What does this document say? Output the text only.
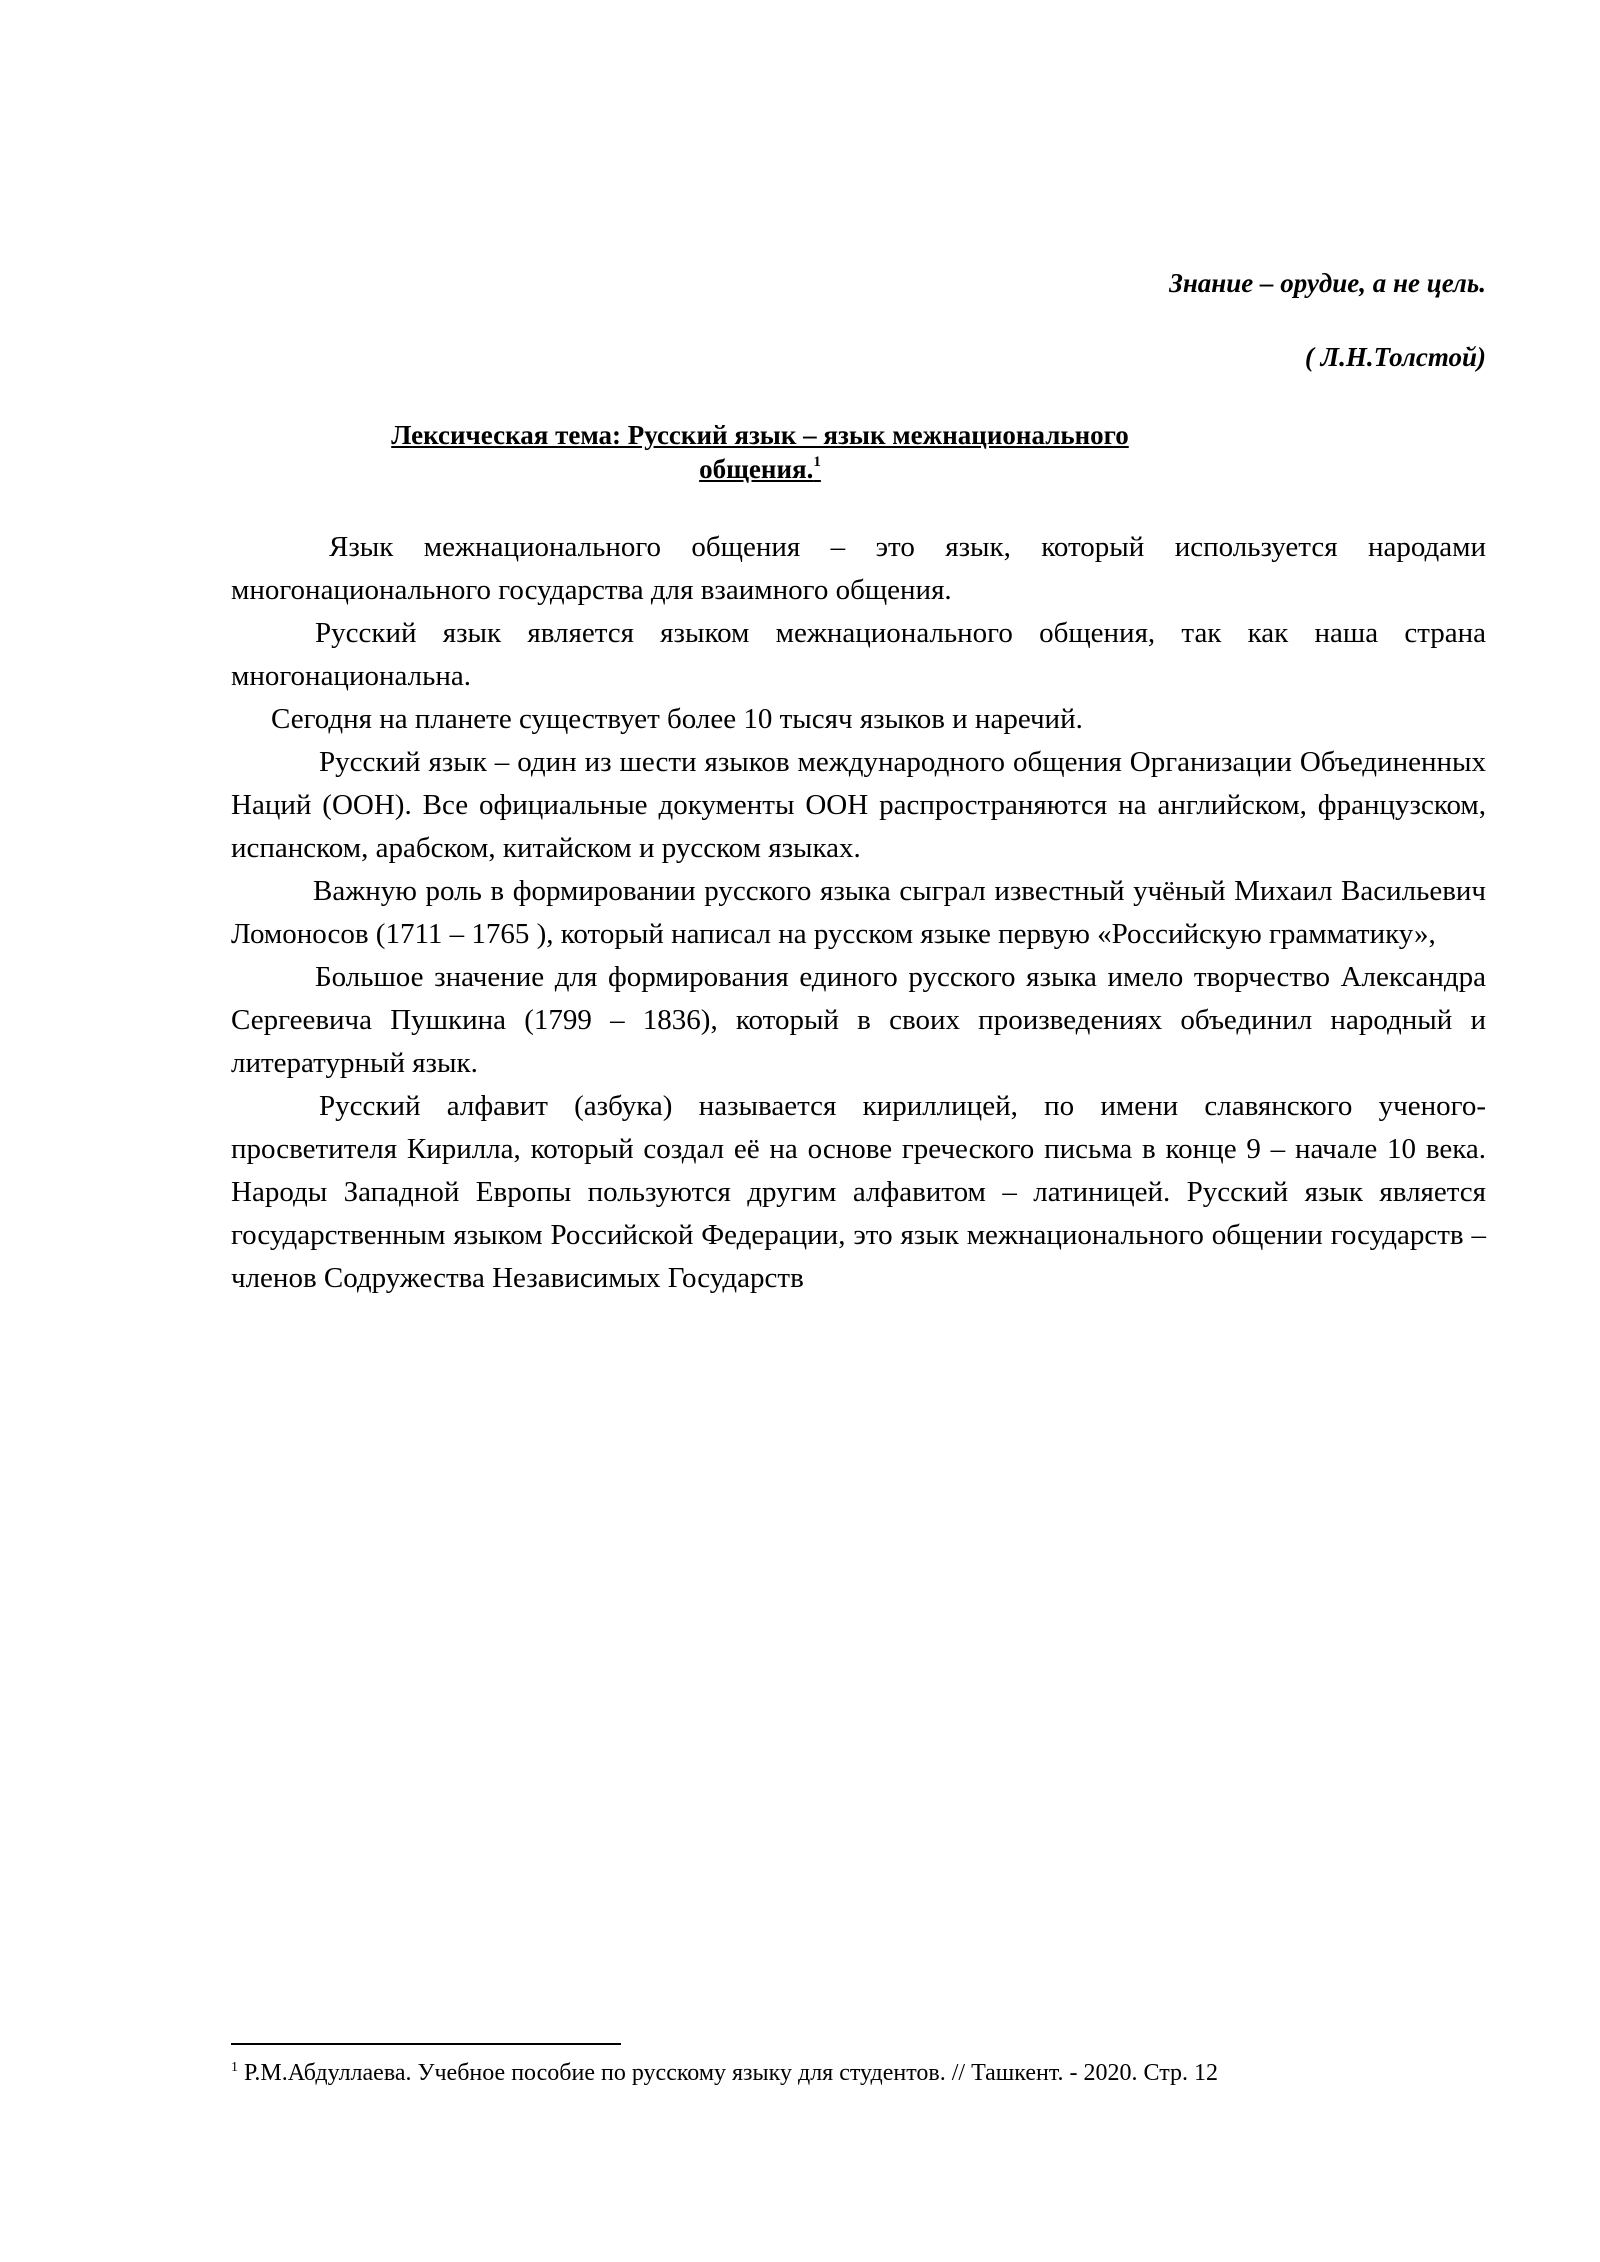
Знание – орудие, а не цель.
( Л.Н.Толстой)
Лексическая тема: Русский язык – язык межнационального
общения.$^1$

Язык межнационального общения – это язык, который используется народами многонационального государства для взаимного общения.

Русский язык является языком межнационального общения, так как наша страна многонациональна.

Сегодня на планете существует более 10 тысяч языков и наречий.

Русский язык – один из шести языков международного общения Организации Объединенных Наций (ООН). Все официальные документы ООН распространяются на английском, французском, испанском, арабском, китайском и русском языках.

Важную роль в формировании русского языка сыграл известный учёный Михаил Васильевич Ломоносов (1711 – 1765 ), который написал на русском языке первую «Российскую грамматику»,

Большое значение для формирования единого русского языка имело творчество Александра Сергеевича Пушкина (1799 – 1836), который в своих произведениях объединил народный и литературный язык.

Русский алфавит (азбука) называется кириллицей, по имени славянского ученого-просветителя Кирилла, который создал её на основе греческого письма в конце 9 – начале 10 века. Народы Западной Европы пользуются другим алфавитом – латиницей. Русский язык является государственным языком Российской Федерации, это язык межнационального общении государств – членов Содружества Независимых Государств

$^1$ Р.М.Абдуллаева. Учебное пособие по русскому языку для студентов. // Ташкент. - 2020. Стр. 12
